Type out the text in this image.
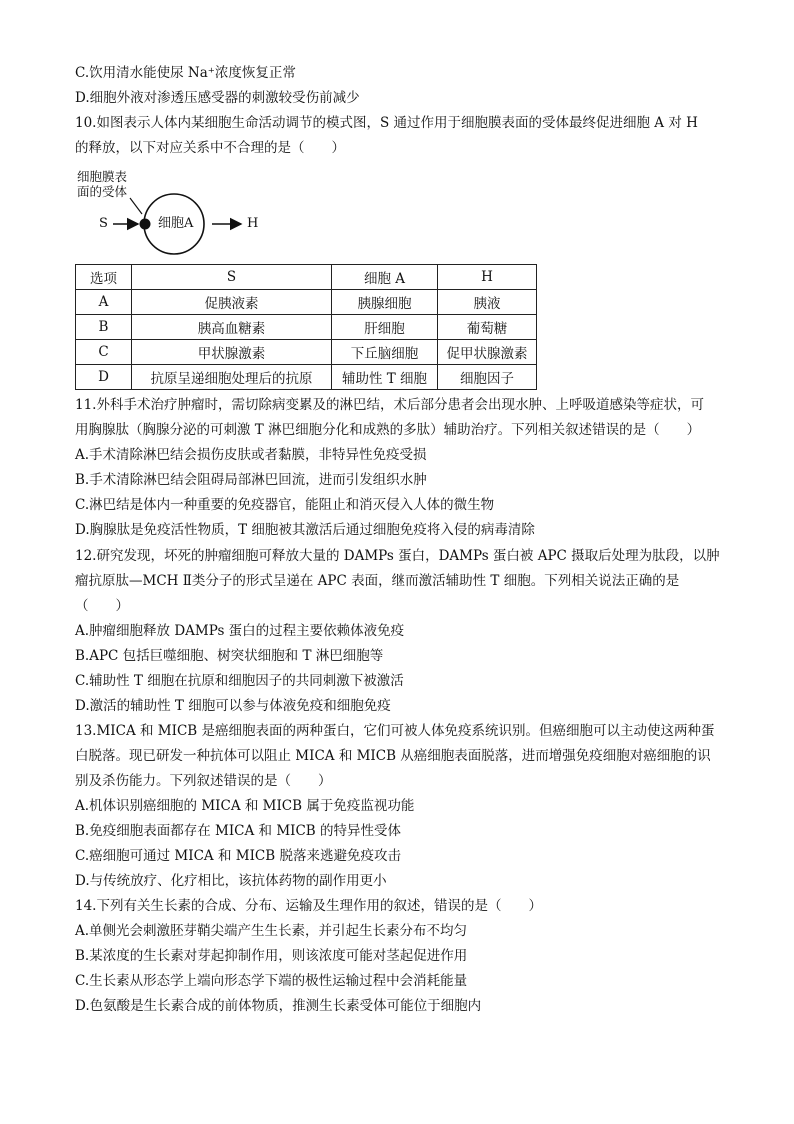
C.饮用清水能使尿 Na⁺浓度恢复正常
D.细胞外液对渗透压感受器的刺激较受伤前减少
10.如图表示人体内某细胞生命活动调节的模式图，S 通过作用于细胞膜表面的受体最终促进细胞 A 对 H
的释放，以下对应关系中不合理的是（　　）
细胞膜表
面的受体
S	细胞A	H
选项	S	细胞 A	H
A	促胰液素	胰腺细胞	胰液
B	胰高血糖素	肝细胞	葡萄糖
C	甲状腺激素	下丘脑细胞	促甲状腺激素
D	抗原呈递细胞处理后的抗原	辅助性 T 细胞	细胞因子
11.外科手术治疗肿瘤时，需切除病变累及的淋巴结，术后部分患者会出现水肿、上呼吸道感染等症状，可
用胸腺肽（胸腺分泌的可刺激 T 淋巴细胞分化和成熟的多肽）辅助治疗。下列相关叙述错误的是（　　）
A.手术清除淋巴结会损伤皮肤或者黏膜，非特异性免疫受损
B.手术清除淋巴结会阻碍局部淋巴回流，进而引发组织水肿
C.淋巴结是体内一种重要的免疫器官，能阻止和消灭侵入人体的微生物
D.胸腺肽是免疫活性物质，T 细胞被其激活后通过细胞免疫将入侵的病毒清除
12.研究发现，坏死的肿瘤细胞可释放大量的 DAMPs 蛋白，DAMPs 蛋白被 APC 摄取后处理为肽段，以肿
瘤抗原肽—MCH Ⅱ类分子的形式呈递在 APC 表面，继而激活辅助性 T 细胞。下列相关说法正确的是
（　　）
A.肿瘤细胞释放 DAMPs 蛋白的过程主要依赖体液免疫
B.APC 包括巨噬细胞、树突状细胞和 T 淋巴细胞等
C.辅助性 T 细胞在抗原和细胞因子的共同刺激下被激活
D.激活的辅助性 T 细胞可以参与体液免疫和细胞免疫
13.MICA 和 MICB 是癌细胞表面的两种蛋白，它们可被人体免疫系统识别。但癌细胞可以主动使这两种蛋
白脱落。现已研发一种抗体可以阻止 MICA 和 MICB 从癌细胞表面脱落，进而增强免疫细胞对癌细胞的识
别及杀伤能力。下列叙述错误的是（　　）
A.机体识别癌细胞的 MICA 和 MICB 属于免疫监视功能
B.免疫细胞表面都存在 MICA 和 MICB 的特异性受体
C.癌细胞可通过 MICA 和 MICB 脱落来逃避免疫攻击
D.与传统放疗、化疗相比，该抗体药物的副作用更小
14.下列有关生长素的合成、分布、运输及生理作用的叙述，错误的是（　　）
A.单侧光会刺激胚芽鞘尖端产生生长素，并引起生长素分布不均匀
B.某浓度的生长素对芽起抑制作用，则该浓度可能对茎起促进作用
C.生长素从形态学上端向形态学下端的极性运输过程中会消耗能量
D.色氨酸是生长素合成的前体物质，推测生长素受体可能位于细胞内
